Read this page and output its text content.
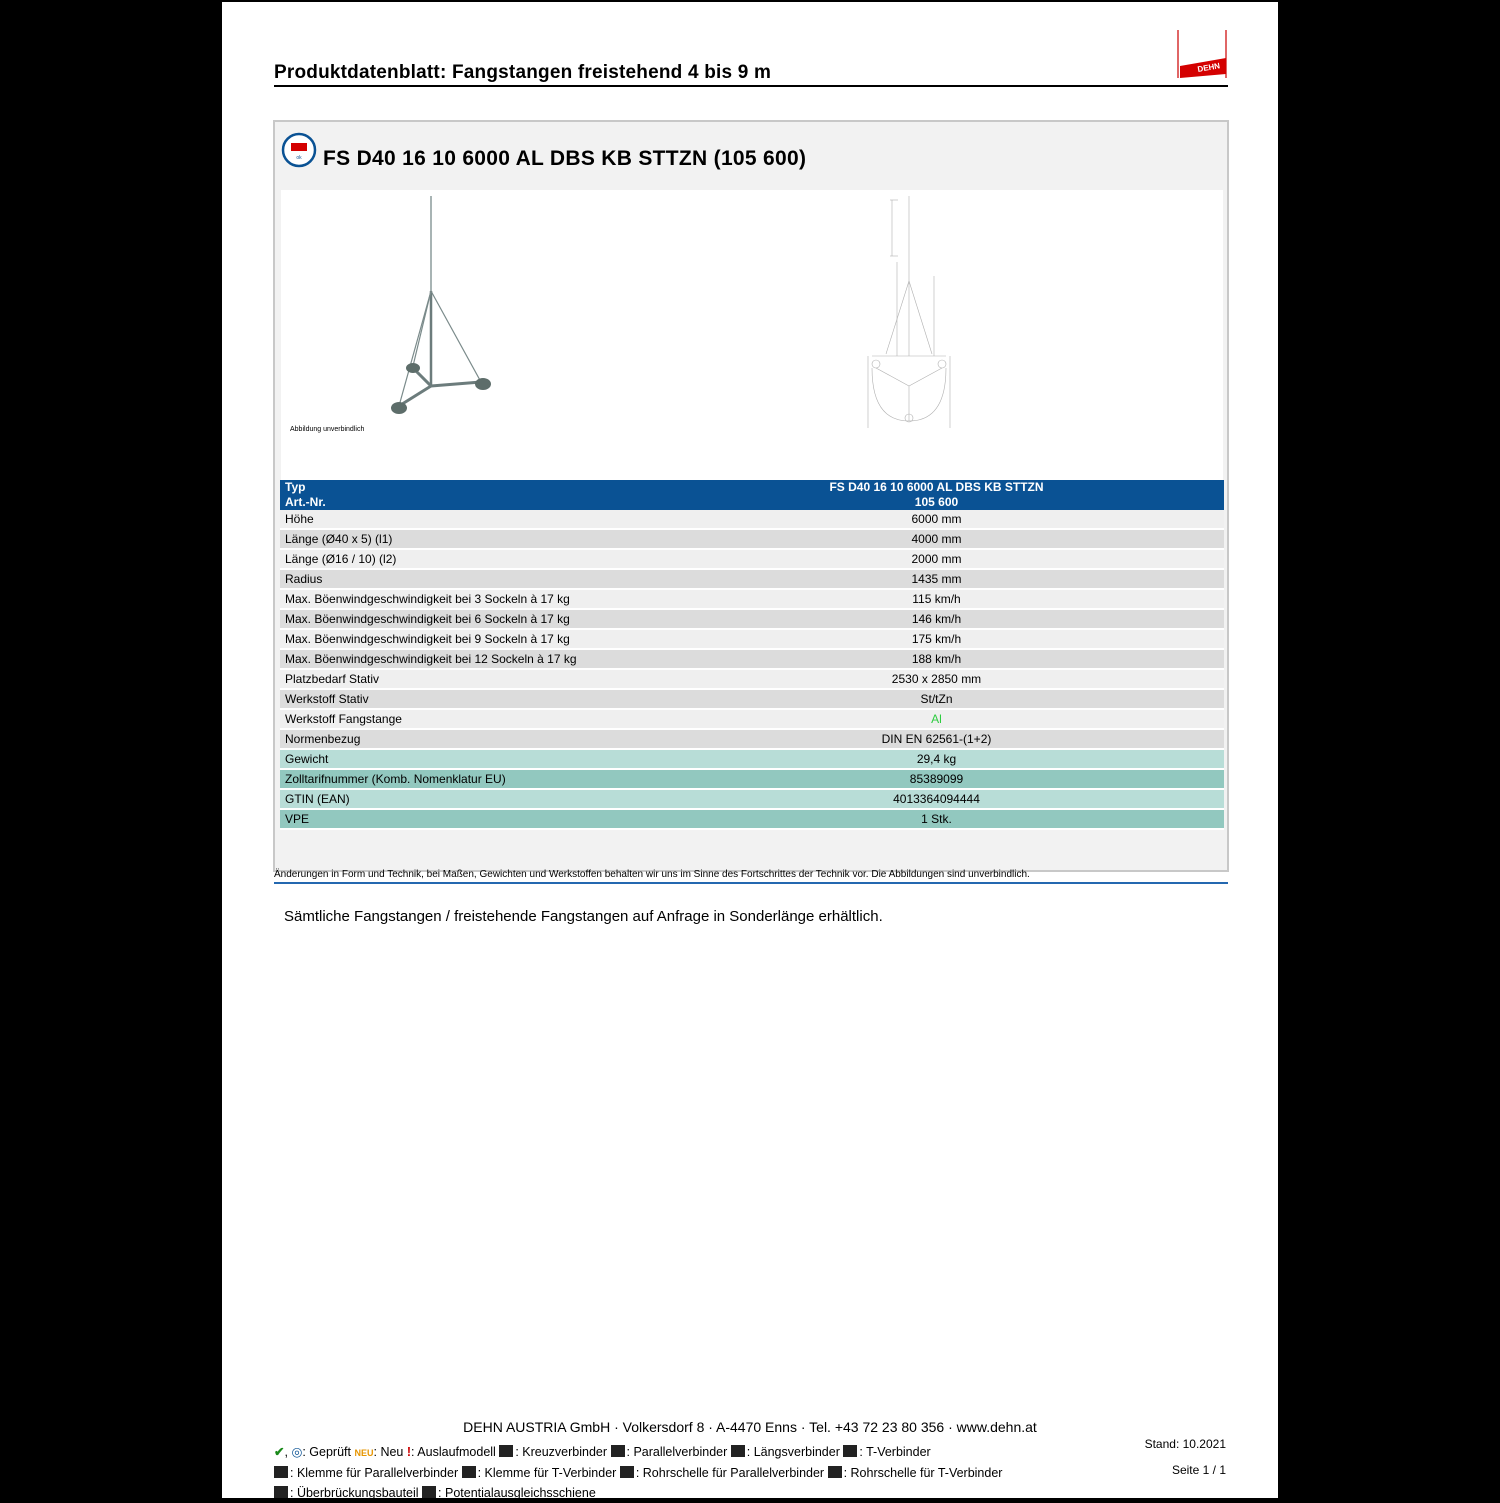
Produktdatenblatt: Fangstangen freistehend 4 bis 9 m	DEHN
ok FS D40 16 10 6000 AL DBS KB STTZN (105 600)
Abbildung unverbindlich
Typ	FS D40 16 10 6000 AL DBS KB STTZN
Art.-Nr.	105 600
Höhe	6000 mm
Länge (Ø40 x 5) (l1)	4000 mm
Länge (Ø16 / 10) (l2)	2000 mm
Radius	1435 mm
Max. Böenwindgeschwindigkeit bei 3 Sockeln à 17 kg	115 km/h
Max. Böenwindgeschwindigkeit bei 6 Sockeln à 17 kg	146 km/h
Max. Böenwindgeschwindigkeit bei 9 Sockeln à 17 kg	175 km/h
Max. Böenwindgeschwindigkeit bei 12 Sockeln à 17 kg	188 km/h
Platzbedarf Stativ	2530 x 2850 mm
Werkstoff Stativ	St/tZn
Werkstoff Fangstange	Al
Normenbezug	DIN EN 62561-(1+2)
Gewicht	29,4 kg
Zolltarifnummer (Komb. Nomenklatur EU)	85389099
GTIN (EAN)	4013364094444
VPE	1 Stk.
Änderungen in Form und Technik, bei Maßen, Gewichten und Werkstoffen behalten wir uns im Sinne des Fortschrittes der Technik vor. Die Abbildungen sind unverbindlich.
Sämtliche Fangstangen / freistehende Fangstangen auf Anfrage in Sonderlänge erhältlich.
DEHN AUSTRIA GmbH · Volkersdorf 8 · A-4470 Enns · Tel. +43 72 23 80 356 · www.dehn.at
✔, ◎: Geprüft NEU: Neu !: Auslaufmodell : Kreuzverbinder : Parallelverbinder : Längsverbinder : T-Verbinder
: Klemme für Parallelverbinder : Klemme für T-Verbinder : Rohrschelle für Parallelverbinder : Rohrschelle für T-Verbinder
: Überbrückungsbauteil : Potentialausgleichsschiene
Stand: 10.2021
Seite 1 / 1
